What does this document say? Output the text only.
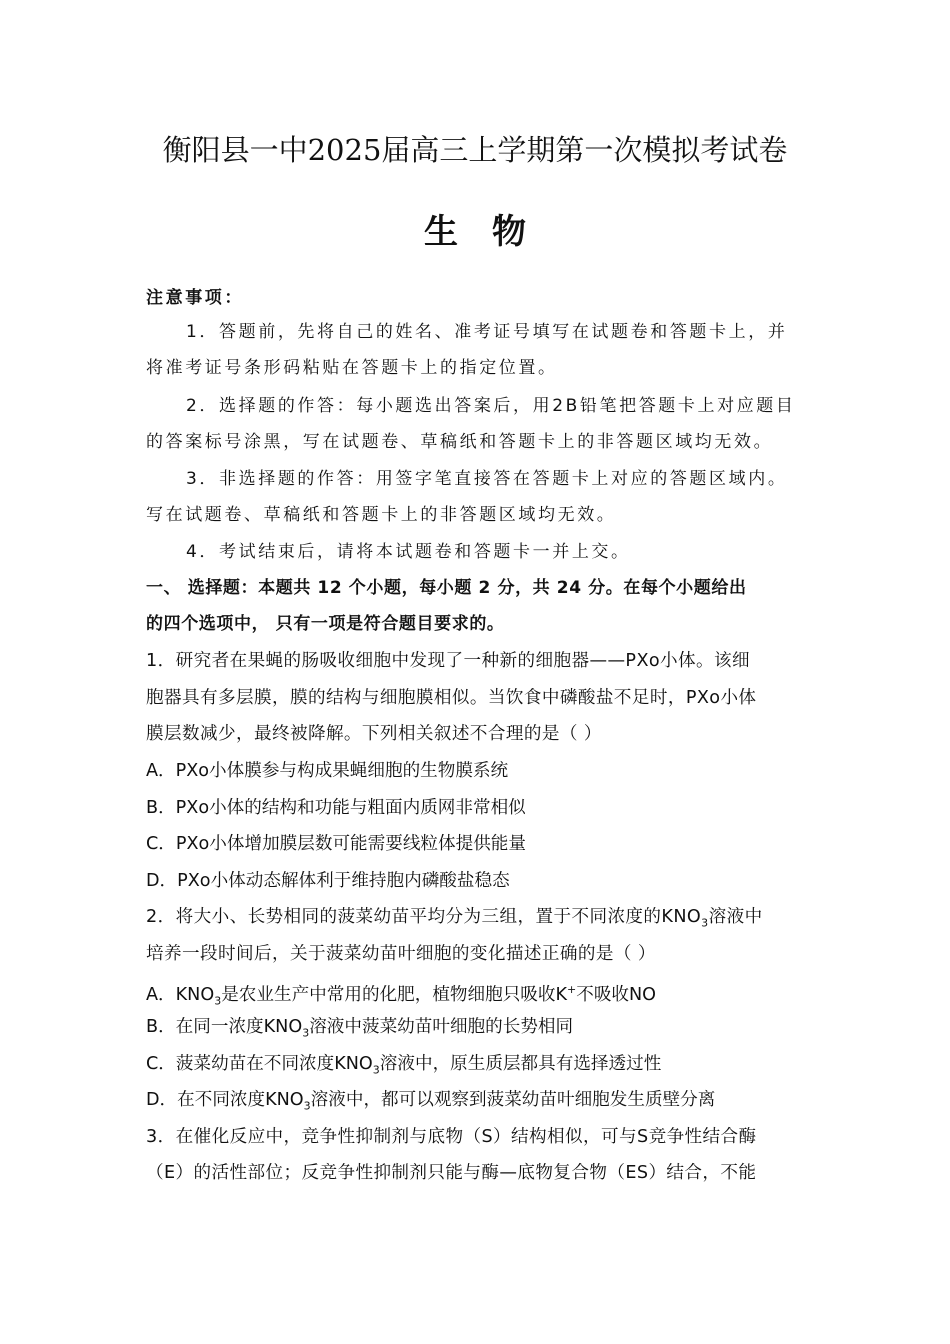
衡阳县一中2025届高三上学期第一次模拟考试卷
生物
注意事项：
1．答题前，先将自己的姓名、准考证号填写在试题卷和答题卡上，并
将准考证号条形码粘贴在答题卡上的指定位置。
2．选择题的作答：每小题选出答案后，用2B铅笔把答题卡上对应题目
的答案标号涂黑，写在试题卷、草稿纸和答题卡上的非答题区域均无效。
3．非选择题的作答：用签字笔直接答在答题卡上对应的答题区域内。
写在试题卷、草稿纸和答题卡上的非答题区域均无效。
4．考试结束后，请将本试题卷和答题卡一并上交。
一、 选择题：本题共 12 个小题，每小题 2 分，共 24 分。在每个小题给出
的四个选项中， 只有一项是符合题目要求的。
1．研究者在果蝇的肠吸收细胞中发现了一种新的细胞器——PXo小体。该细
胞器具有多层膜，膜的结构与细胞膜相似。当饮食中磷酸盐不足时，PXo小体
膜层数减少，最终被降解。下列相关叙述不合理的是（ ）
A．PXo小体膜参与构成果蝇细胞的生物膜系统
B．PXo小体的结构和功能与粗面内质网非常相似
C．PXo小体增加膜层数可能需要线粒体提供能量
D．PXo小体动态解体利于维持胞内磷酸盐稳态
2．将大小、长势相同的菠菜幼苗平均分为三组，置于不同浓度的$KNO_3$溶液中
培养一段时间后，关于菠菜幼苗叶细胞的变化描述正确的是（ ）
A．$KNO_3$是农业生产中常用的化肥，植物细胞只吸收K+不吸收NO
B．在同一浓度$KNO_3$溶液中菠菜幼苗叶细胞的长势相同
C．菠菜幼苗在不同浓度$KNO_3$溶液中，原生质层都具有选择透过性
D．在不同浓度$KNO_3$溶液中，都可以观察到菠菜幼苗叶细胞发生质壁分离
3．在催化反应中，竞争性抑制剂与底物（S）结构相似，可与S竞争性结合酶
（E）的活性部位；反竞争性抑制剂只能与酶—底物复合物（ES）结合，不能
